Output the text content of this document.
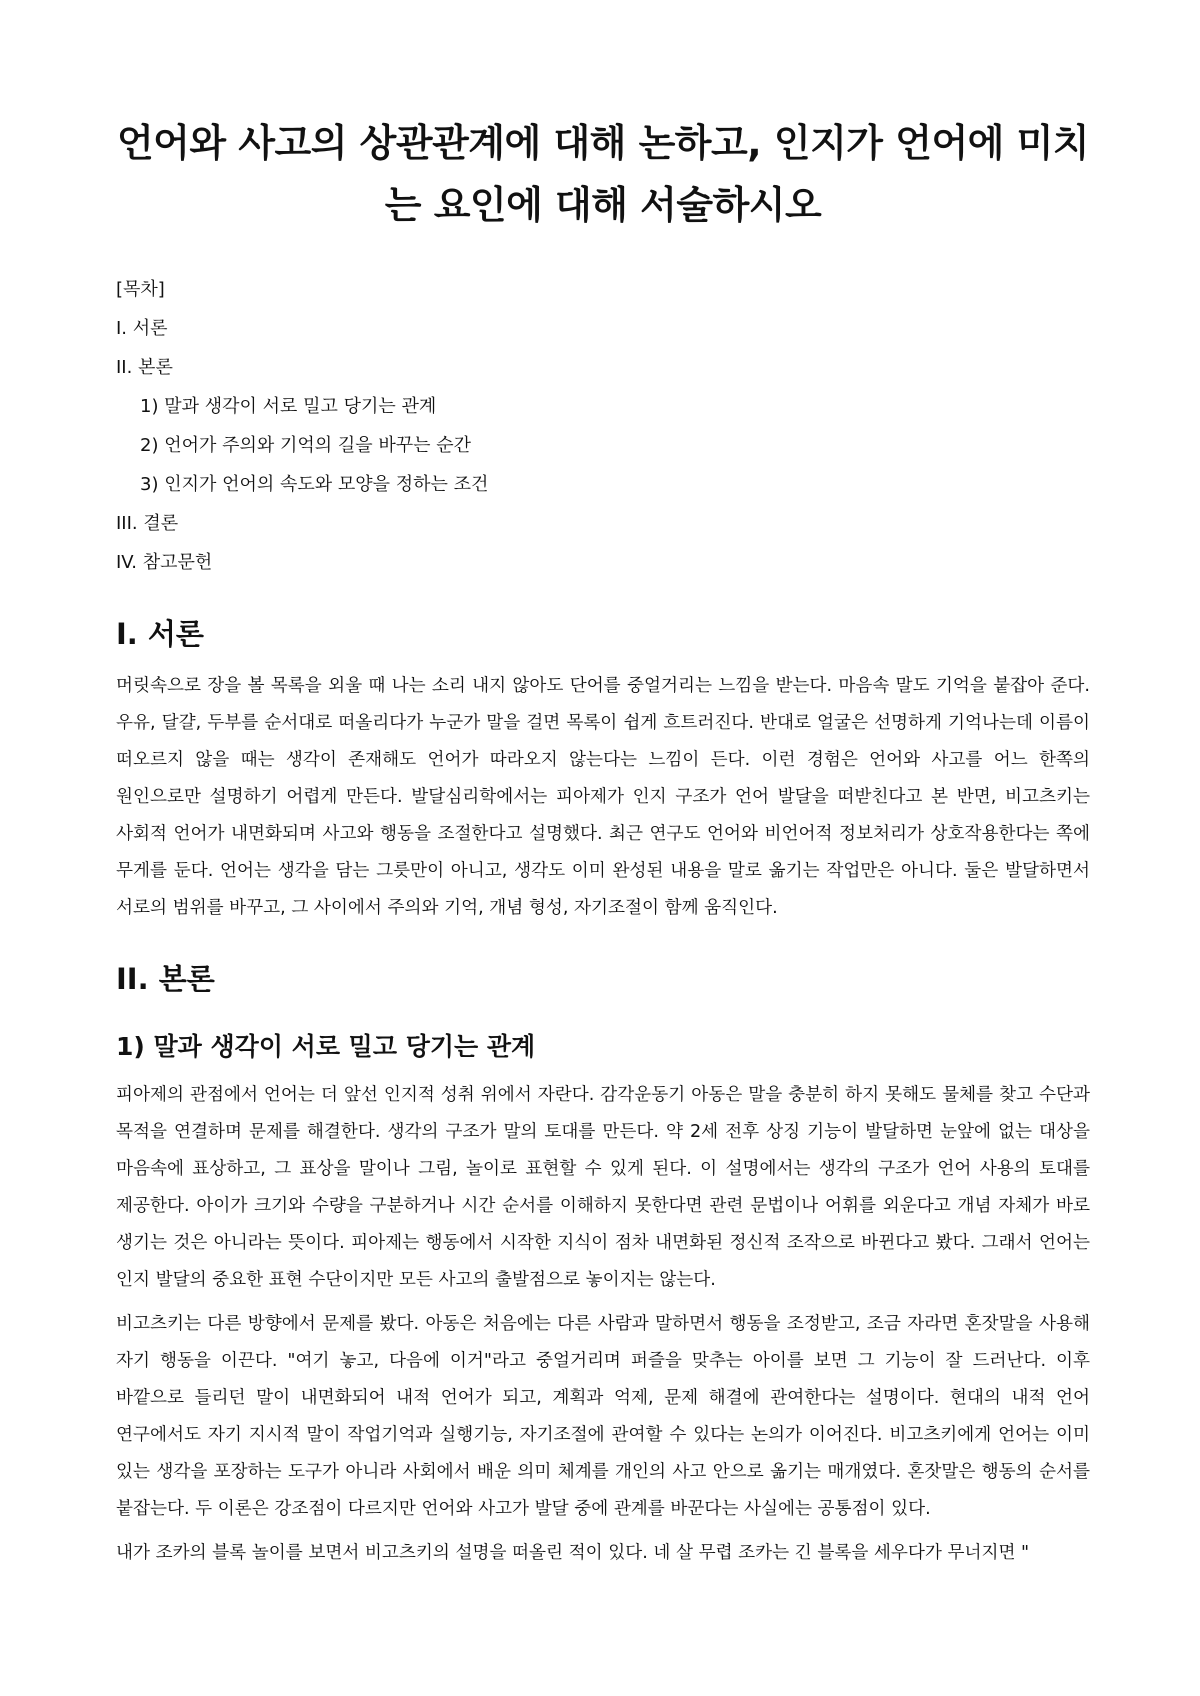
언어와 사고의 상관관계에 대해 논하고, 인지가 언어에 미치는 요인에 대해 서술하시오

[목차]

I. 서론

II. 본론

1) 말과 생각이 서로 밀고 당기는 관계

2) 언어가 주의와 기억의 길을 바꾸는 순간

3) 인지가 언어의 속도와 모양을 정하는 조건

III. 결론

IV. 참고문헌

I. 서론

머릿속으로 장을 볼 목록을 외울 때 나는 소리 내지 않아도 단어를 중얼거리는 느낌을 받는다. 마음속 말도 기억을 붙잡아 준다. 우유, 달걀, 두부를 순서대로 떠올리다가 누군가 말을 걸면 목록이 쉽게 흐트러진다. 반대로 얼굴은 선명하게 기억나는데 이름이 떠오르지 않을 때는 생각이 존재해도 언어가 따라오지 않는다는 느낌이 든다. 이런 경험은 언어와 사고를 어느 한쪽의 원인으로만 설명하기 어렵게 만든다. 발달심리학에서는 피아제가 인지 구조가 언어 발달을 떠받친다고 본 반면, 비고츠키는 사회적 언어가 내면화되며 사고와 행동을 조절한다고 설명했다. 최근 연구도 언어와 비언어적 정보처리가 상호작용한다는 쪽에 무게를 둔다. 언어는 생각을 담는 그릇만이 아니고, 생각도 이미 완성된 내용을 말로 옮기는 작업만은 아니다. 둘은 발달하면서 서로의 범위를 바꾸고, 그 사이에서 주의와 기억, 개념 형성, 자기조절이 함께 움직인다.

II. 본론
1) 말과 생각이 서로 밀고 당기는 관계

피아제의 관점에서 언어는 더 앞선 인지적 성취 위에서 자란다. 감각운동기 아동은 말을 충분히 하지 못해도 물체를 찾고 수단과 목적을 연결하며 문제를 해결한다. 생각의 구조가 말의 토대를 만든다. 약 2세 전후 상징 기능이 발달하면 눈앞에 없는 대상을 마음속에 표상하고, 그 표상을 말이나 그림, 놀이로 표현할 수 있게 된다. 이 설명에서는 생각의 구조가 언어 사용의 토대를 제공한다. 아이가 크기와 수량을 구분하거나 시간 순서를 이해하지 못한다면 관련 문법이나 어휘를 외운다고 개념 자체가 바로 생기는 것은 아니라는 뜻이다. 피아제는 행동에서 시작한 지식이 점차 내면화된 정신적 조작으로 바뀐다고 봤다. 그래서 언어는 인지 발달의 중요한 표현 수단이지만 모든 사고의 출발점으로 놓이지는 않는다.

비고츠키는 다른 방향에서 문제를 봤다. 아동은 처음에는 다른 사람과 말하면서 행동을 조정받고, 조금 자라면 혼잣말을 사용해 자기 행동을 이끈다. "여기 놓고, 다음에 이거"라고 중얼거리며 퍼즐을 맞추는 아이를 보면 그 기능이 잘 드러난다. 이후 바깥으로 들리던 말이 내면화되어 내적 언어가 되고, 계획과 억제, 문제 해결에 관여한다는 설명이다. 현대의 내적 언어 연구에서도 자기 지시적 말이 작업기억과 실행기능, 자기조절에 관여할 수 있다는 논의가 이어진다. 비고츠키에게 언어는 이미 있는 생각을 포장하는 도구가 아니라 사회에서 배운 의미 체계를 개인의 사고 안으로 옮기는 매개였다. 혼잣말은 행동의 순서를 붙잡는다. 두 이론은 강조점이 다르지만 언어와 사고가 발달 중에 관계를 바꾼다는 사실에는 공통점이 있다.

내가 조카의 블록 놀이를 보면서 비고츠키의 설명을 떠올린 적이 있다. 네 살 무렵 조카는 긴 블록을 세우다가 무너지면 "
